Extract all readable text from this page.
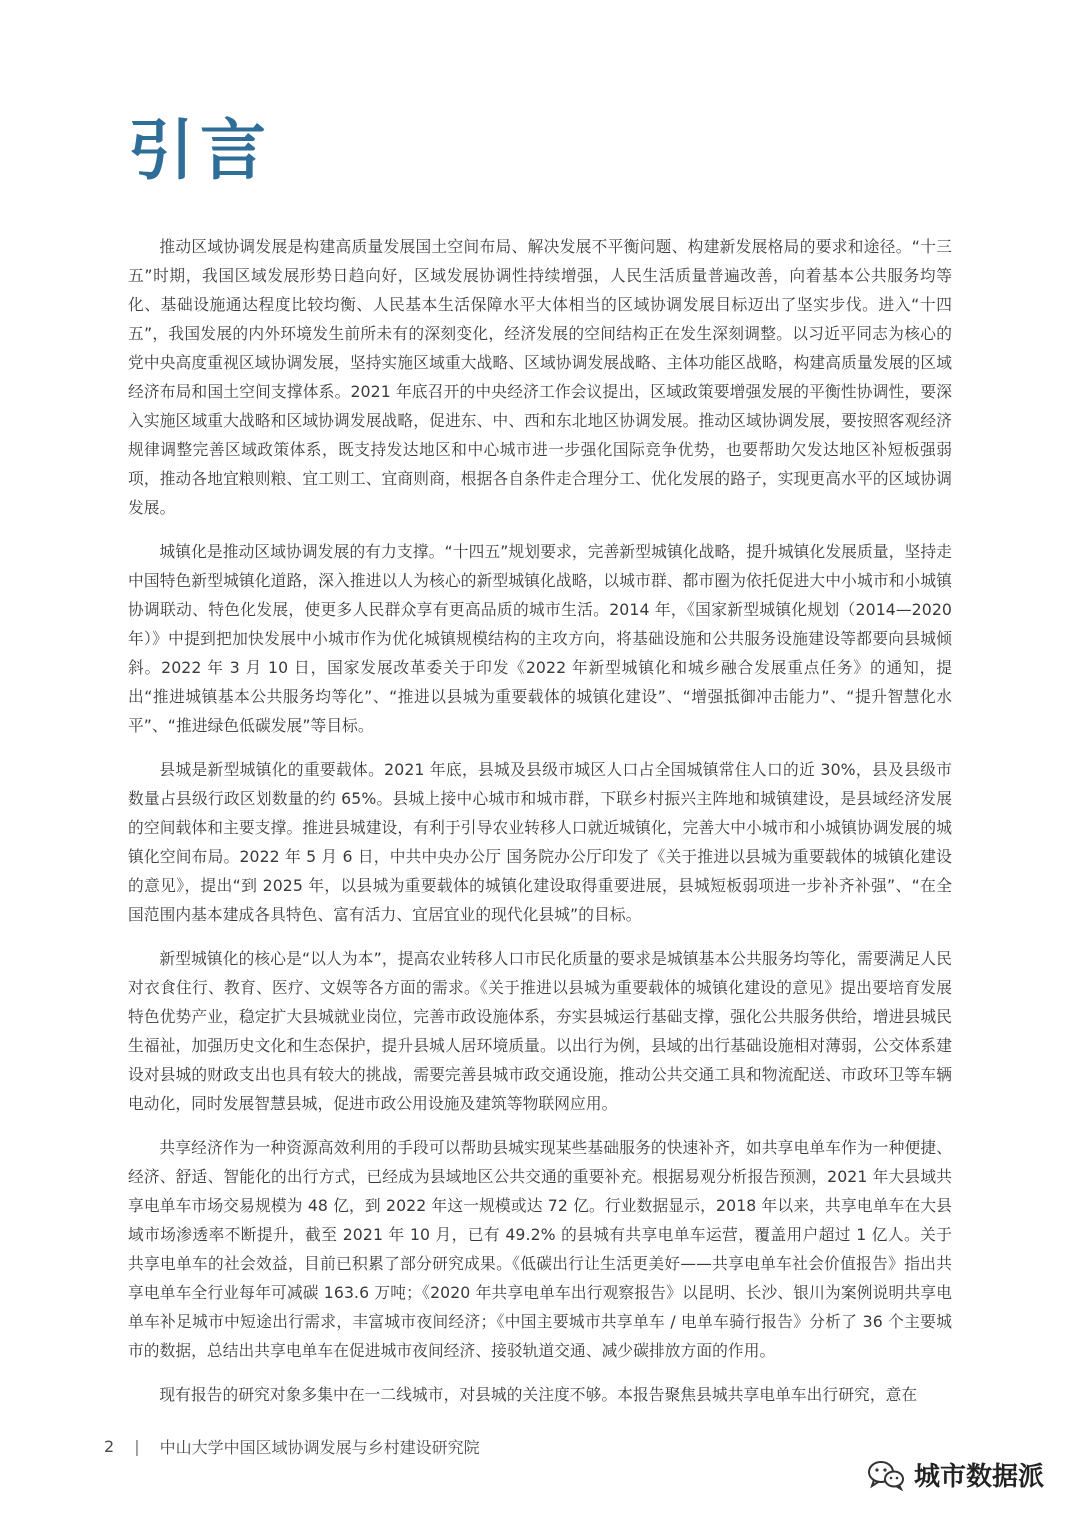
引言

推动区域协调发展是构建高质量发展国土空间布局、解决发展不平衡问题、构建新发展格局的要求和途径。“十三五”时期，我国区域发展形势日趋向好，区域发展协调性持续增强，人民生活质量普遍改善，向着基本公共服务均等化、基础设施通达程度比较均衡、人民基本生活保障水平大体相当的区域协调发展目标迈出了坚实步伐。进入“十四五”，我国发展的内外环境发生前所未有的深刻变化，经济发展的空间结构正在发生深刻调整。以习近平同志为核心的党中央高度重视区域协调发展，坚持实施区域重大战略、区域协调发展战略、主体功能区战略，构建高质量发展的区域经济布局和国土空间支撑体系。2021 年底召开的中央经济工作会议提出，区域政策要增强发展的平衡性协调性，要深入实施区域重大战略和区域协调发展战略，促进东、中、西和东北地区协调发展。推动区域协调发展，要按照客观经济规律调整完善区域政策体系，既支持发达地区和中心城市进一步强化国际竞争优势，也要帮助欠发达地区补短板强弱项，推动各地宜粮则粮、宜工则工、宜商则商，根据各自条件走合理分工、优化发展的路子，实现更高水平的区域协调发展。

城镇化是推动区域协调发展的有力支撑。“十四五”规划要求，完善新型城镇化战略，提升城镇化发展质量，坚持走中国特色新型城镇化道路，深入推进以人为核心的新型城镇化战略，以城市群、都市圈为依托促进大中小城市和小城镇协调联动、特色化发展，使更多人民群众享有更高品质的城市生活。2014 年，《国家新型城镇化规划（2014—2020 年）》中提到把加快发展中小城市作为优化城镇规模结构的主攻方向，将基础设施和公共服务设施建设等都要向县城倾斜。2022 年 3 月 10 日，国家发展改革委关于印发《2022 年新型城镇化和城乡融合发展重点任务》的通知，提出“推进城镇基本公共服务均等化”、“推进以县城为重要载体的城镇化建设”、“增强抵御冲击能力”、“提升智慧化水平”、“推进绿色低碳发展”等目标。

县城是新型城镇化的重要载体。2021 年底，县城及县级市城区人口占全国城镇常住人口的近 30%，县及县级市数量占县级行政区划数量的约 65%。县城上接中心城市和城市群，下联乡村振兴主阵地和城镇建设，是县域经济发展的空间载体和主要支撑。推进县城建设，有利于引导农业转移人口就近城镇化，完善大中小城市和小城镇协调发展的城镇化空间布局。2022 年 5 月 6 日，中共中央办公厅 国务院办公厅印发了《关于推进以县城为重要载体的城镇化建设的意见》，提出“到 2025 年，以县城为重要载体的城镇化建设取得重要进展，县城短板弱项进一步补齐补强”、“在全国范围内基本建成各具特色、富有活力、宜居宜业的现代化县城”的目标。

新型城镇化的核心是“以人为本”，提高农业转移人口市民化质量的要求是城镇基本公共服务均等化，需要满足人民对衣食住行、教育、医疗、文娱等各方面的需求。《关于推进以县城为重要载体的城镇化建设的意见》提出要培育发展特色优势产业，稳定扩大县城就业岗位，完善市政设施体系，夯实县城运行基础支撑，强化公共服务供给，增进县城民生福祉，加强历史文化和生态保护，提升县城人居环境质量。以出行为例，县域的出行基础设施相对薄弱，公交体系建设对县城的财政支出也具有较大的挑战，需要完善县城市政交通设施，推动公共交通工具和物流配送、市政环卫等车辆电动化，同时发展智慧县城，促进市政公用设施及建筑等物联网应用。

共享经济作为一种资源高效利用的手段可以帮助县城实现某些基础服务的快速补齐，如共享电单车作为一种便捷、经济、舒适、智能化的出行方式，已经成为县域地区公共交通的重要补充。根据易观分析报告预测，2021 年大县域共享电单车市场交易规模为 48 亿，到 2022 年这一规模或达 72 亿。行业数据显示，2018 年以来，共享电单车在大县域市场渗透率不断提升，截至 2021 年 10 月，已有 49.2% 的县城有共享电单车运营，覆盖用户超过 1 亿人。关于共享电单车的社会效益，目前已积累了部分研究成果。《低碳出行让生活更美好——共享电单车社会价值报告》指出共享电单车全行业每年可减碳 163.6 万吨；《2020 年共享电单车出行观察报告》以昆明、长沙、银川为案例说明共享电单车补足城市中短途出行需求，丰富城市夜间经济；《中国主要城市共享单车 / 电单车骑行报告》分析了 36 个主要城市的数据，总结出共享电单车在促进城市夜间经济、接驳轨道交通、减少碳排放方面的作用。

现有报告的研究对象多集中在一二线城市，对县城的关注度不够。本报告聚焦县城共享电单车出行研究，意在

2 | 中山大学中国区域协调发展与乡村建设研究院
城市数据派
